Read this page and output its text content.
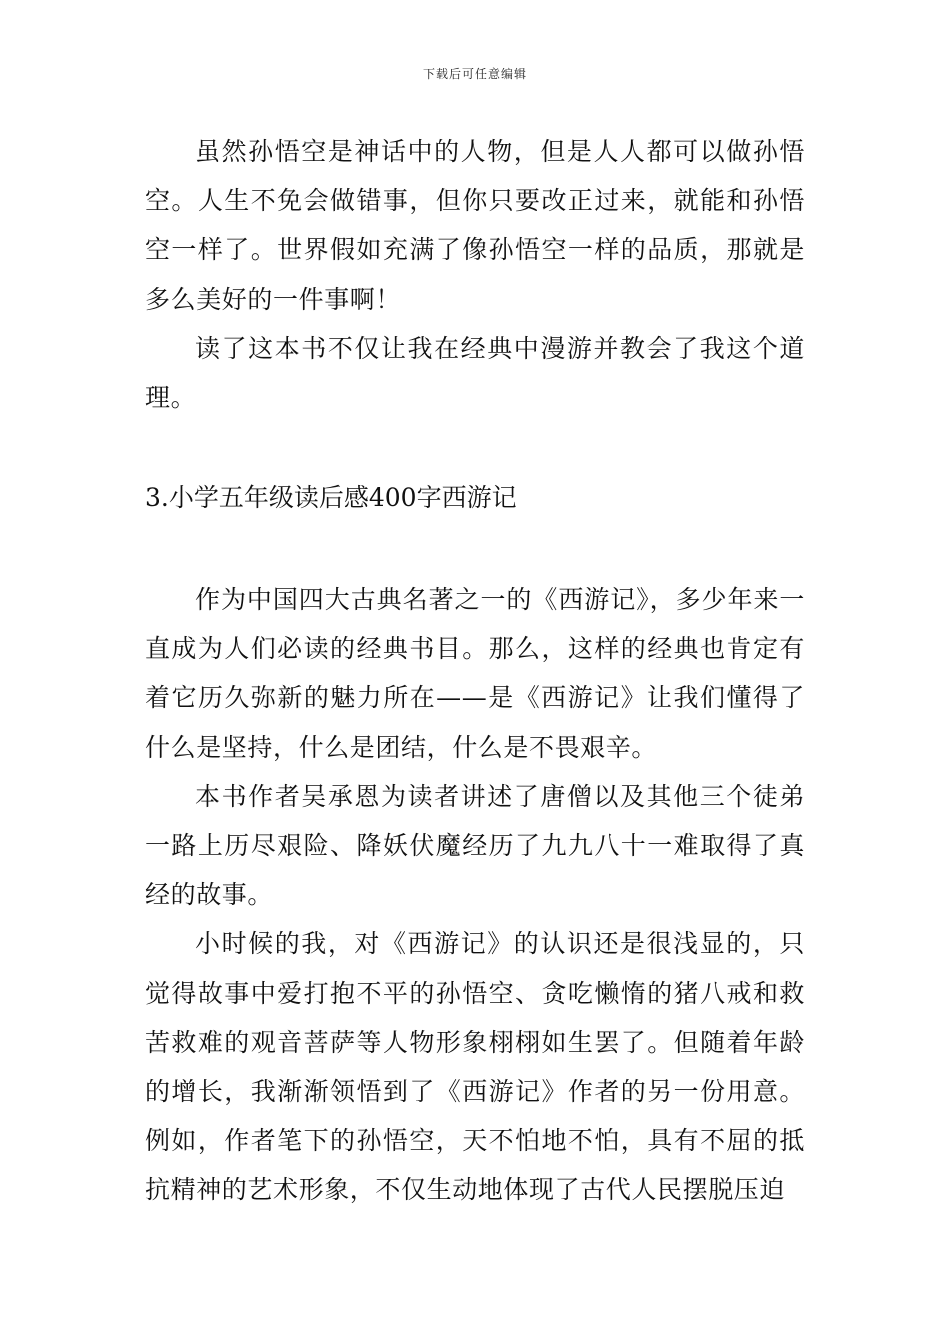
下载后可任意编辑

虽然孙悟空是神话中的人物，但是人人都可以做孙悟空。人生不免会做错事，但你只要改正过来，就能和孙悟空一样了。世界假如充满了像孙悟空一样的品质，那就是多么美好的一件事啊！

读了这本书不仅让我在经典中漫游并教会了我这个道理。

3.小学五年级读后感400字西游记

作为中国四大古典名著之一的《西游记》，多少年来一直成为人们必读的经典书目。那么，这样的经典也肯定有着它历久弥新的魅力所在——是《西游记》让我们懂得了什么是坚持，什么是团结，什么是不畏艰辛。

本书作者吴承恩为读者讲述了唐僧以及其他三个徒弟一路上历尽艰险、降妖伏魔经历了九九八十一难取得了真经的故事。

小时候的我，对《西游记》的认识还是很浅显的，只觉得故事中爱打抱不平的孙悟空、贪吃懒惰的猪八戒和救苦救难的观音菩萨等人物形象栩栩如生罢了。但随着年龄的增长，我渐渐领悟到了《西游记》作者的另一份用意。例如，作者笔下的孙悟空，天不怕地不怕，具有不屈的抵抗精神的艺术形象，不仅生动地体现了古代人民摆脱压迫
